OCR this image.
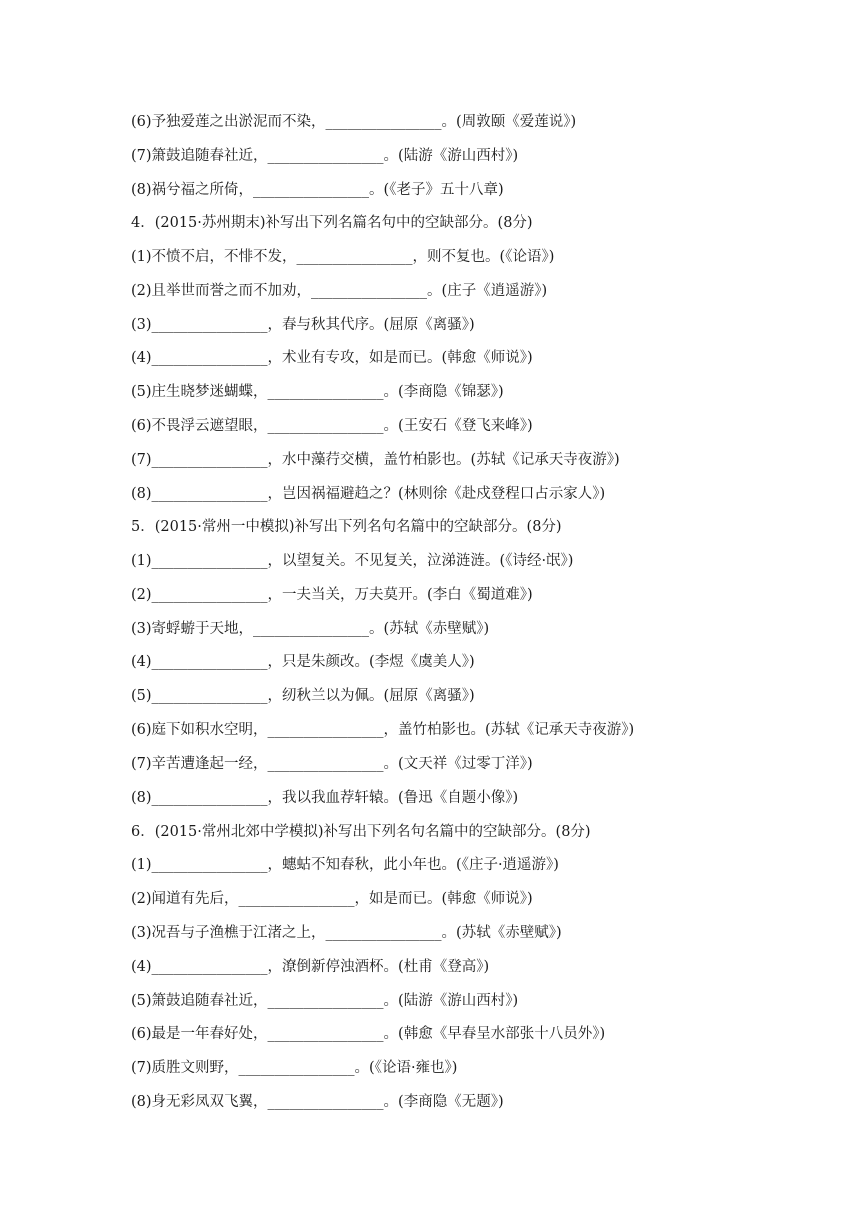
(6)予独爱莲之出淤泥而不染，________________。(周敦颐《爱莲说》)
(7)箫鼓追随春社近，________________。(陆游《游山西村》)
(8)祸兮福之所倚，________________。(《老子》五十八章)
4．(2015·苏州期末)补写出下列名篇名句中的空缺部分。(8分)
(1)不愤不启，不悱不发，________________，则不复也。(《论语》)
(2)且举世而誉之而不加劝，________________。(庄子《逍遥游》)
(3)________________，春与秋其代序。(屈原《离骚》)
(4)________________，术业有专攻，如是而已。(韩愈《师说》)
(5)庄生晓梦迷蝴蝶，________________。(李商隐《锦瑟》)
(6)不畏浮云遮望眼，________________。(王安石《登飞来峰》)
(7)________________，水中藻荇交横，盖竹柏影也。(苏轼《记承天寺夜游》)
(8)________________，岂因祸福避趋之？(林则徐《赴戍登程口占示家人》)
5．(2015·常州一中模拟)补写出下列名句名篇中的空缺部分。(8分)
(1)________________，以望复关。不见复关，泣涕涟涟。(《诗经·氓》)
(2)________________，一夫当关，万夫莫开。(李白《蜀道难》)
(3)寄蜉蝣于天地，________________。(苏轼《赤壁赋》)
(4)________________，只是朱颜改。(李煜《虞美人》)
(5)________________，纫秋兰以为佩。(屈原《离骚》)
(6)庭下如积水空明，________________，盖竹柏影也。(苏轼《记承天寺夜游》)
(7)辛苦遭逢起一经，________________。(文天祥《过零丁洋》)
(8)________________，我以我血荐轩辕。(鲁迅《自题小像》)
6．(2015·常州北郊中学模拟)补写出下列名句名篇中的空缺部分。(8分)
(1)________________，蟪蛄不知春秋，此小年也。(《庄子·逍遥游》)
(2)闻道有先后，________________，如是而已。(韩愈《师说》)
(3)况吾与子渔樵于江渚之上，________________。(苏轼《赤壁赋》)
(4)________________，潦倒新停浊酒杯。(杜甫《登高》)
(5)箫鼓追随春社近，________________。(陆游《游山西村》)
(6)最是一年春好处，________________。(韩愈《早春呈水部张十八员外》)
(7)质胜文则野，________________。(《论语·雍也》)
(8)身无彩凤双飞翼，________________。(李商隐《无题》)
